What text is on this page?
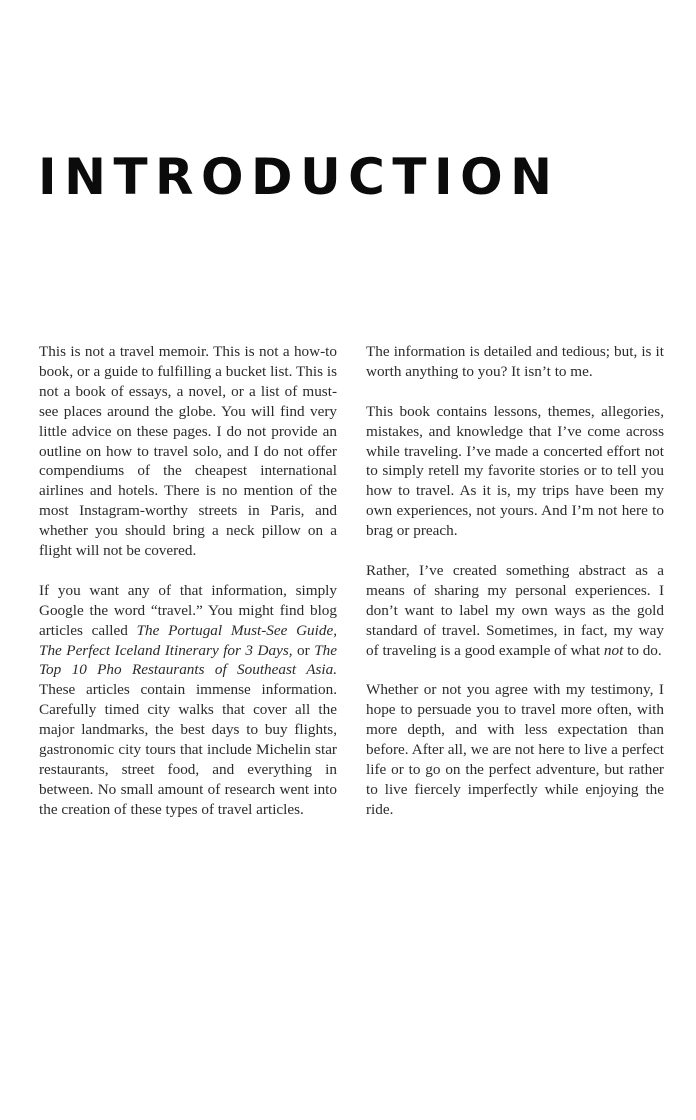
INTRODUCTION

This is not a travel memoir. This is not a how-to book, or a guide to fulfilling a bucket list. This is not a book of essays, a novel, or a list of must-see places around the globe. You will find very little advice on these pages. I do not provide an outline on how to travel solo, and I do not offer compendiums of the cheapest international airlines and hotels. There is no mention of the most Instagram-worthy streets in Paris, and whether you should bring a neck pillow on a flight will not be covered.

If you want any of that information, simply Google the word “travel.” You might find blog articles called The Portugal Must-See Guide, The Perfect Iceland Itinerary for 3 Days, or The Top 10 Pho Restaurants of Southeast Asia. These articles contain immense information. Carefully timed city walks that cover all the major landmarks, the best days to buy flights, gastronomic city tours that include Michelin star restaurants, street food, and everything in between. No small amount of research went into the creation of these types of travel articles.

The information is detailed and tedious; but, is it worth anything to you? It isn’t to me.

This book contains lessons, themes, allegories, mistakes, and knowledge that I’ve come across while traveling. I’ve made a concerted effort not to simply retell my favorite stories or to tell you how to travel. As it is, my trips have been my own experiences, not yours. And I’m not here to brag or preach.

Rather, I’ve created something abstract as a means of sharing my personal experiences. I don’t want to label my own ways as the gold standard of travel. Sometimes, in fact, my way of traveling is a good example of what not to do.

Whether or not you agree with my testimony, I hope to persuade you to travel more often, with more depth, and with less expectation than before. After all, we are not here to live a perfect life or to go on the perfect adventure, but rather to live fiercely imperfectly while enjoying the ride.
